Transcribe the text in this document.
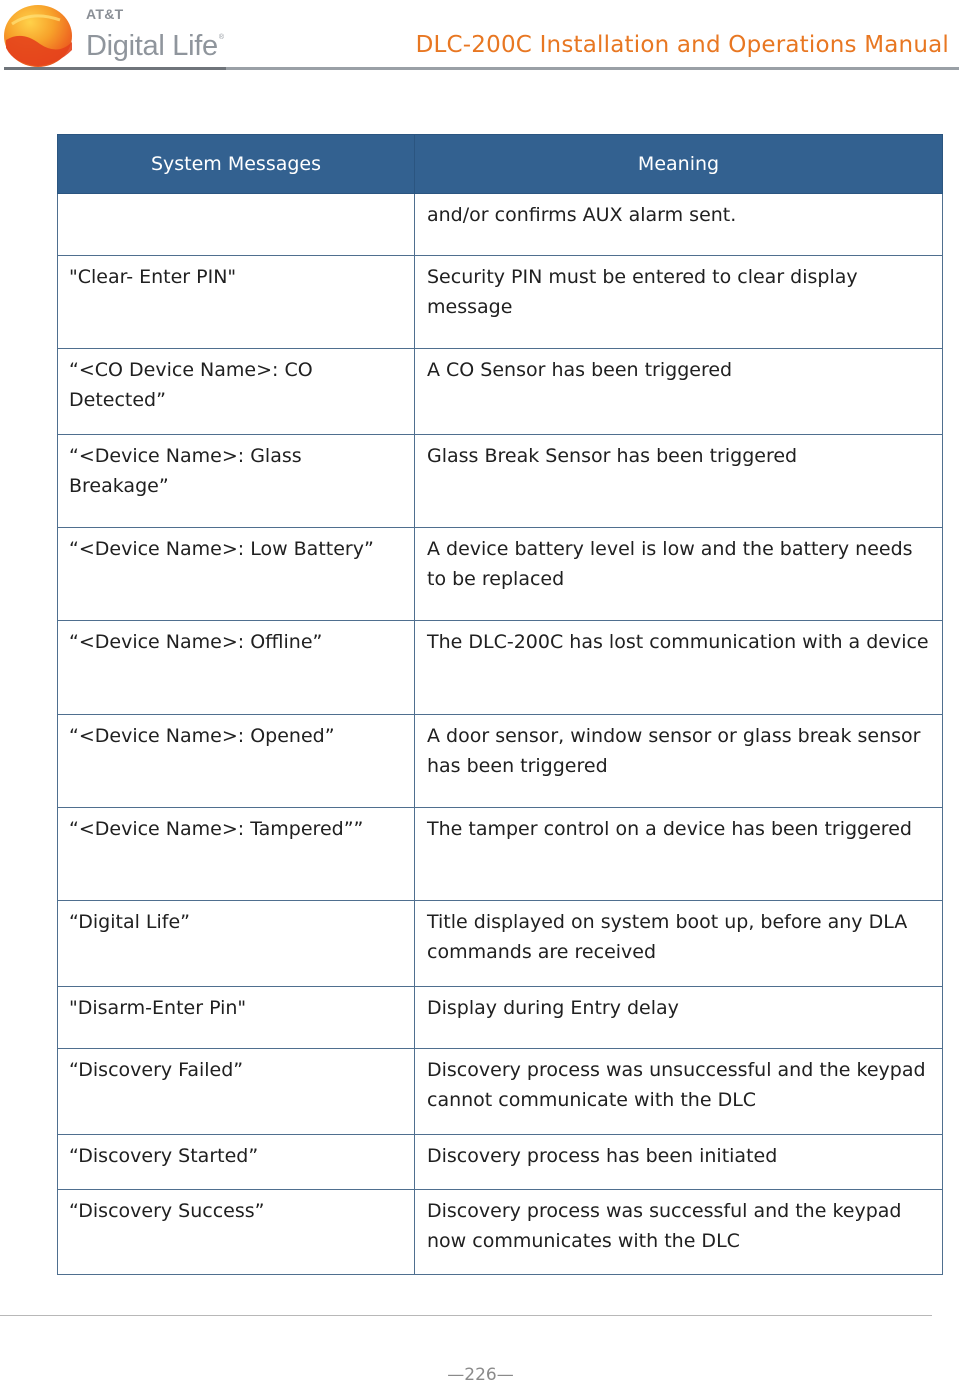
AT&T
Digital Life®	DLC-200C Installation and Operations Manual
System Messages	Meaning
	and/or confirms AUX alarm sent.
"Clear- Enter PIN"	Security PIN must be entered to clear display message
“<CO Device Name>: CO Detected”	A CO Sensor has been triggered
“<Device Name>: Glass Breakage”	Glass Break Sensor has been triggered
“<Device Name>: Low Battery”	A device battery level is low and the battery needs to be replaced
“<Device Name>: Offline”	The DLC-200C has lost communication with a device
“<Device Name>: Opened”	A door sensor, window sensor or glass break sensor has been triggered
“<Device Name>: Tampered””	The tamper control on a device has been triggered
“Digital Life”	Title displayed on system boot up, before any DLA commands are received
"Disarm-Enter Pin"	Display during Entry delay
“Discovery Failed”	Discovery process was unsuccessful and the keypad cannot communicate with the DLC
“Discovery Started”	Discovery process has been initiated
“Discovery Success”	Discovery process was successful and the keypad now communicates with the DLC
—226—
